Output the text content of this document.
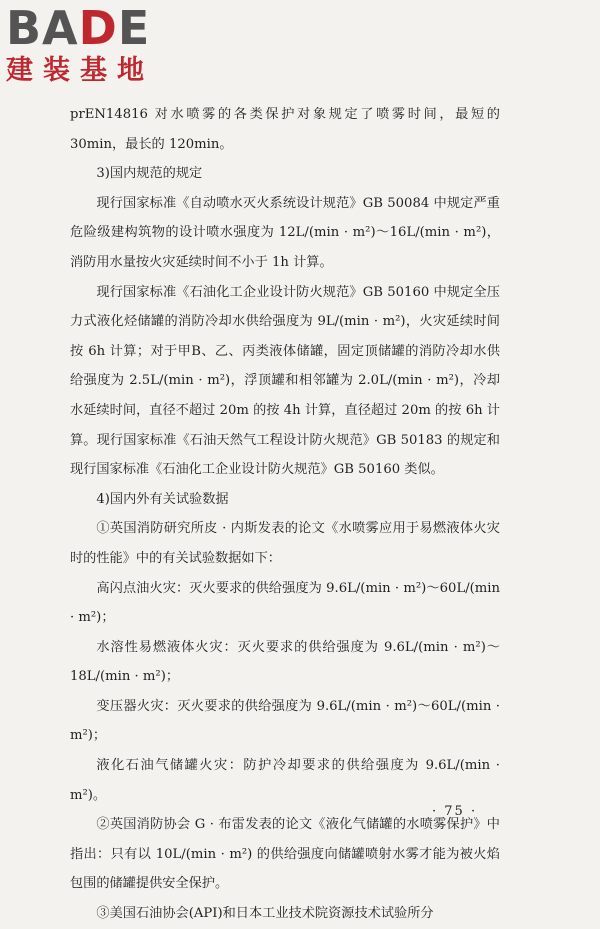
BADE
建装基地

prEN14816 对水喷雾的各类保护对象规定了喷雾时间，最短的 30min，最长的 120min。

3)国内规范的规定

现行国家标准《自动喷水灭火系统设计规范》GB 50084 中规定严重危险级建构筑物的设计喷水强度为 12L/(min · m²)～16L/(min · m²)，消防用水量按火灾延续时间不小于 1h 计算。

现行国家标准《石油化工企业设计防火规范》GB 50160 中规定全压力式液化烃储罐的消防冷却水供给强度为 9L/(min · m²)，火灾延续时间按 6h 计算；对于甲B、乙、丙类液体储罐，固定顶储罐的消防冷却水供给强度为 2.5L/(min · m²)，浮顶罐和相邻罐为 2.0L/(min · m²)，冷却水延续时间，直径不超过 20m 的按 4h 计算，直径超过 20m 的按 6h 计算。现行国家标准《石油天然气工程设计防火规范》GB 50183 的规定和现行国家标准《石油化工企业设计防火规范》GB 50160 类似。

4)国内外有关试验数据

①英国消防研究所皮 · 内斯发表的论文《水喷雾应用于易燃液体火灾时的性能》中的有关试验数据如下：

高闪点油火灾：灭火要求的供给强度为 9.6L/(min · m²)～60L/(min · m²)；

水溶性易燃液体火灾：灭火要求的供给强度为 9.6L/(min · m²)～18L/(min · m²)；

变压器火灾：灭火要求的供给强度为 9.6L/(min · m²)～60L/(min · m²)；

液化石油气储罐火灾：防护冷却要求的供给强度为 9.6L/(min · m²)。

②英国消防协会 G · 布雷发表的论文《液化气储罐的水喷雾保护》中指出：只有以 10L/(min · m²) 的供给强度向储罐喷射水雾才能为被火焰包围的储罐提供安全保护。

③美国石油协会(API)和日本工业技术院资源技术试验所分

· 75 ·
